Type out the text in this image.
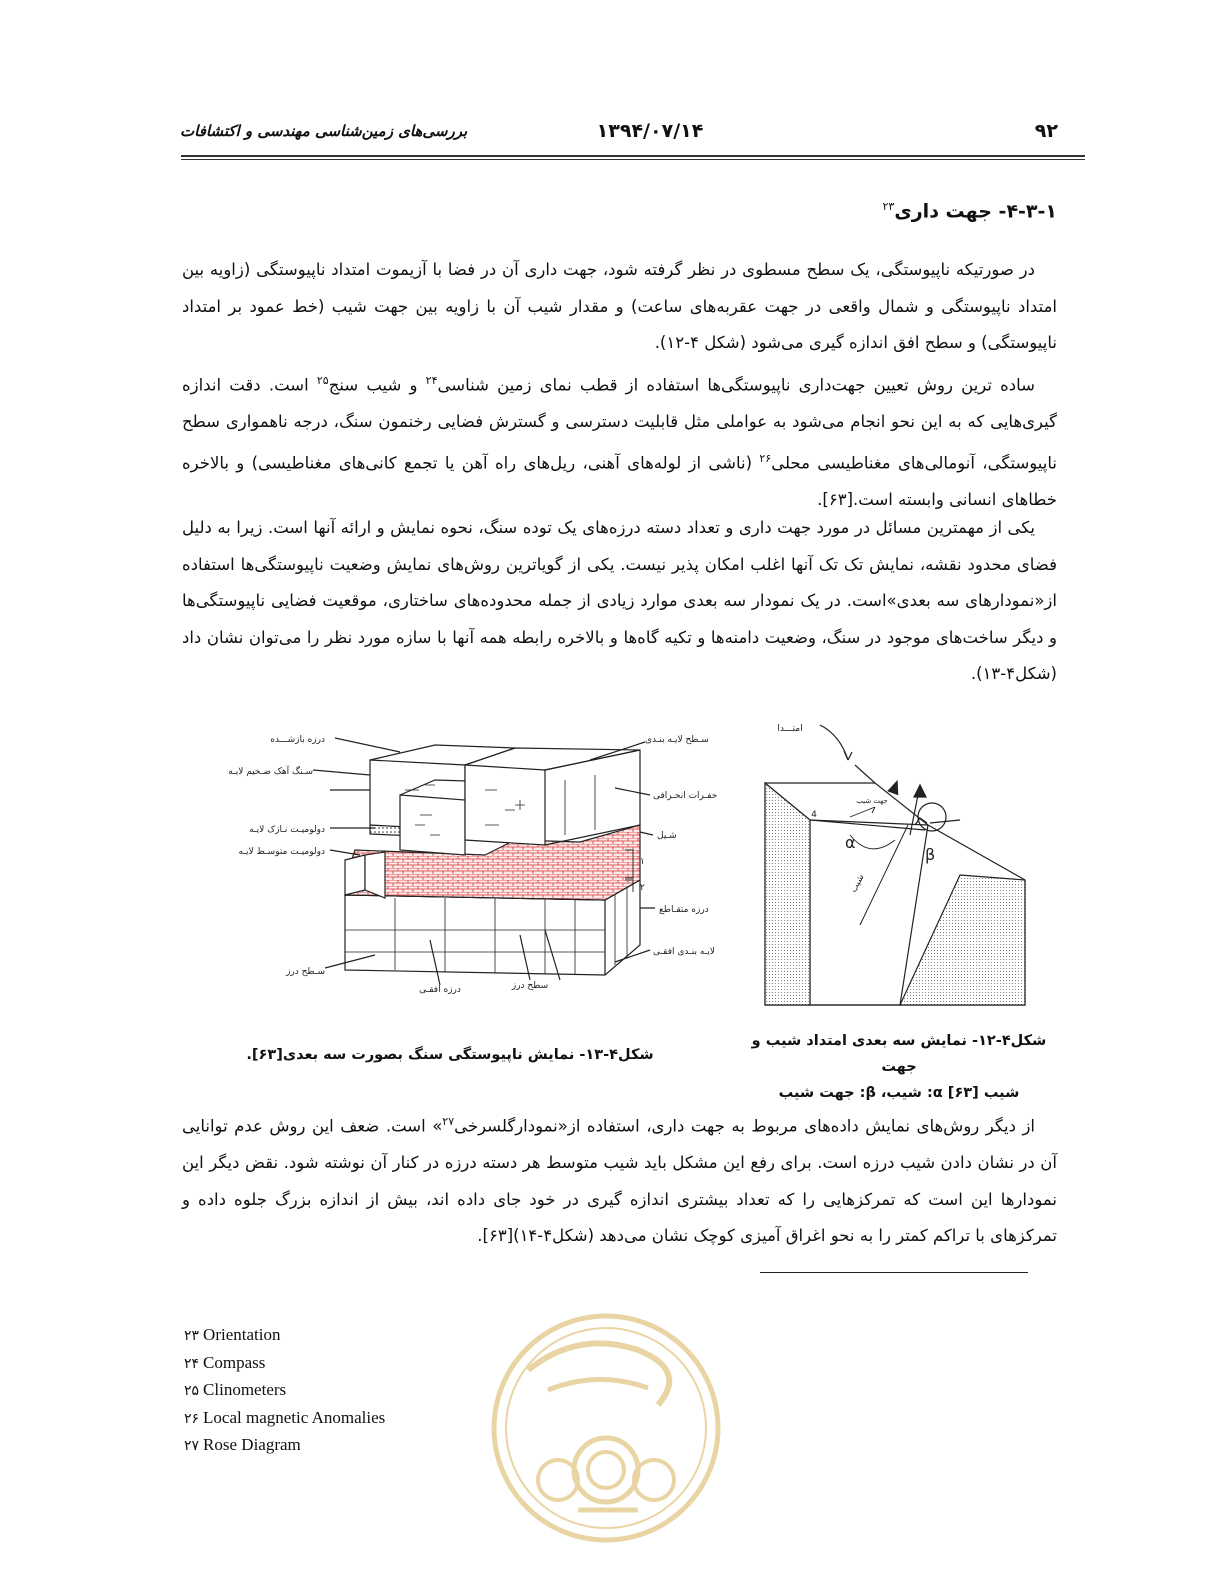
بررسی‌های زمین‌شناسی مهندسی و اکتشافات	۱۳۹۴/۰۷/۱۴	۹۲
۴-۳-۱- جهت داری$^{۲۳}$

در صورتیکه ناپیوستگی، یک سطح مسطوی در نظر گرفته شود، جهت داری آن در فضا با آزیموت امتداد ناپیوستگی (زاویه بین امتداد ناپیوستگی و شمال واقعی در جهت عقربه‌های ساعت) و مقدار شیب آن با زاویه بین جهت شیب (خط عمود بر امتداد ناپیوستگی) و سطح افق اندازه گیری می‌شود (شکل ۴-۱۲).

ساده ترین روش تعیین جهت‌داری ناپیوستگی‌ها استفاده از قطب نمای زمین شناسی$^{۲۴}$ و شیب سنج$^{۲۵}$ است. دقت اندازه گیری‌هایی که به این نحو انجام می‌شود به عواملی مثل قابلیت دسترسی و گسترش فضایی رخنمون سنگ، درجه ناهمواری سطح ناپیوستگی، آنومالی‌های مغناطیسی محلی$^{۲۶}$ (ناشی از لوله‌های آهنی، ریل‌های راه آهن یا تجمع کانی‌های مغناطیسی) و بالاخره خطاهای انسانی وابسته است.[۶۳].

یکی از مهمترین مسائل در مورد جهت داری و تعداد دسته درزه‌های یک توده سنگ، نحوه نمایش و ارائه آنها است. زیرا به دلیل فضای محدود نقشه، نمایش تک تک آنها اغلب امکان پذیر نیست. یکی از گویاترین روش‌های نمایش وضعیت ناپیوستگی‌ها استفاده از«نمودارهای سه بعدی»است. در یک نمودار سه بعدی موارد زیادی از جمله محدوده‌های ساختاری، موقعیت فضایی ناپیوستگی‌ها و دیگر ساخت‌های موجود در سنگ، وضعیت دامنه‌ها و تکیه گاه‌ها و بالاخره رابطه همه آنها با سازه مورد نظر را می‌توان نشان داد (شکل۴-۱۳).

درزه بازشـــده	سـطح لایـه بنـدی
سـنگ آهک ضـخیم لایـه
حفـرات انحـرافی
دولومیـت نـازک لایـه
شـیل
دولومیـت متوسـط لایـه
۱
۲
درزه متقـاطع
لایـه بنـدی افقـی
سـطح درز
درزه افقـی	سطح درز
امتـــدا
جهت شیب
4
α
β
شیب
شکل۴-۱۳- نمایش ناپیوستگی سنگ بصورت سه بعدی[۶۳].
شکل۴-۱۲- نمایش سه بعدی امتداد شیب و جهت
شیب [۶۳] α: شیب، β: جهت شیب

از دیگر روش‌های نمایش داده‌های مربوط به جهت داری، استفاده از«نمودارگلسرخی$^{۲۷}$» است. ضعف این روش عدم توانایی آن در نشان دادن شیب درزه است. برای رفع این مشکل باید شیب متوسط هر دسته درزه در کنار آن نوشته شود. نقض دیگر این نمودارها این است که تمرکزهایی را که تعداد بیشتری اندازه گیری در خود جای داده اند، بیش از اندازه بزرگ جلوه داده و تمرکزهای با تراکم کمتر را به نحو اغراق آمیزی کوچک نشان می‌دهد (شکل۴-۱۴)[۶۳].

۲۳ Orientation
۲۴ Compass
۲۵ Clinometers
۲۶ Local magnetic Anomalies
۲۷ Rose Diagram
